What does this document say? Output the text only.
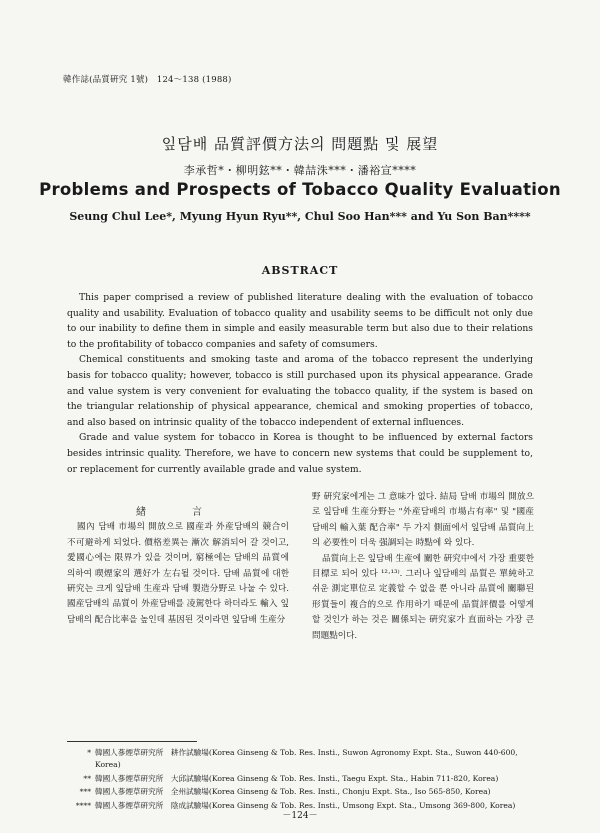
韓作誌(品質硏究 1號)　124～138 (1988)
잎담배 品質評價方法의 問題點 및 展望
李承哲*・柳明鉉**・韓喆洙***・潘裕宣****
Problems and Prospects of Tobacco Quality Evaluation
Seung Chul Lee*, Myung Hyun Ryu**, Chul Soo Han*** and Yu Son Ban****
ABSTRACT

This paper comprised a review of published literature dealing with the evaluation of tobacco quality and usability. Evaluation of tobacco quality and usability seems to be difficult not only due to our inability to define them in simple and easily measurable term but also due to their relations to the profitability of tobacco companies and safety of comsumers.

Chemical constituents and smoking taste and aroma of the tobacco represent the underlying basis for tobacco quality; however, tobacco is still purchased upon its physical appearance. Grade and value system is very convenient for evaluating the tobacco quality, if the system is based on the triangular relationship of physical appearance, chemical and smoking properties of tobacco, and also based on intrinsic quality of the tobacco independent of external influences.

Grade and value system for tobacco in Korea is thought to be influenced by external factors besides intrinsic quality. Therefore, we have to concern new systems that could be supplement to, or replacement for currently available grade and value system.

緖　言

國內 담배 市場의 開放으로 國産과 外産담배의 競合이 不可避하게 되었다. 價格差異는 漸次 解消되어 갈 것이고, 愛國心에는 限界가 있을 것이며, 窮極에는 담배의 品質에 의하여 喫煙家의 選好가 左右될 것이다. 담배 品質에 대한 硏究는 크게 잎담배 生産과 담배 製造分野로 나눌 수 있다. 國産담배의 品質이 外産담배를 凌駕한다 하더라도 輸入 잎담배의 配合比率을 높인데 基因된 것이라면 잎담배 生産分

野 硏究家에게는 그 意味가 없다. 結局 담배 市場의 開放으로 잎담배 生産分野는 "外産담배의 市場占有率" 및 "國産담배의 輸入葉 配合率" 두 가지 側面에서 잎담배 品質向上의 必要性이 더욱 强調되는 時點에 와 있다.

品質向上은 잎담배 生産에 關한 硏究中에서 가장 重要한 目標로 되어 있다 ¹²·¹³⁾. 그러나 잎담배의 品質은 單純하고 쉬운 測定單位로 定義할 수 없을 뿐 아니라 品質에 關聯된 形質들이 複合的으로 作用하기 때문에 品質評價를 어떻게 할 것인가 하는 것은 關係되는 硏究家가 直面하는 가장 큰 問題點이다.

* 韓國人蔘煙草硏究所　耕作試驗場(Korea Ginseng & Tob. Res. Insti., Suwon Agronomy Expt. Sta., Suwon 440-600, Korea)
** 韓國人蔘煙草硏究所　大邱試驗場(Korea Ginseng & Tob. Res. Insti., Taegu Expt. Sta., Habin 711-820, Korea)
*** 韓國人蔘煙草硏究所　全州試驗場(Korea Ginseng & Tob. Res. Insti., Chonju Expt. Sta., Iso 565-850, Korea)
**** 韓國人蔘煙草硏究所　陰成試驗場(Korea Ginseng & Tob. Res. Insti., Umsong Expt. Sta., Umsong 369-800, Korea)
－124－
